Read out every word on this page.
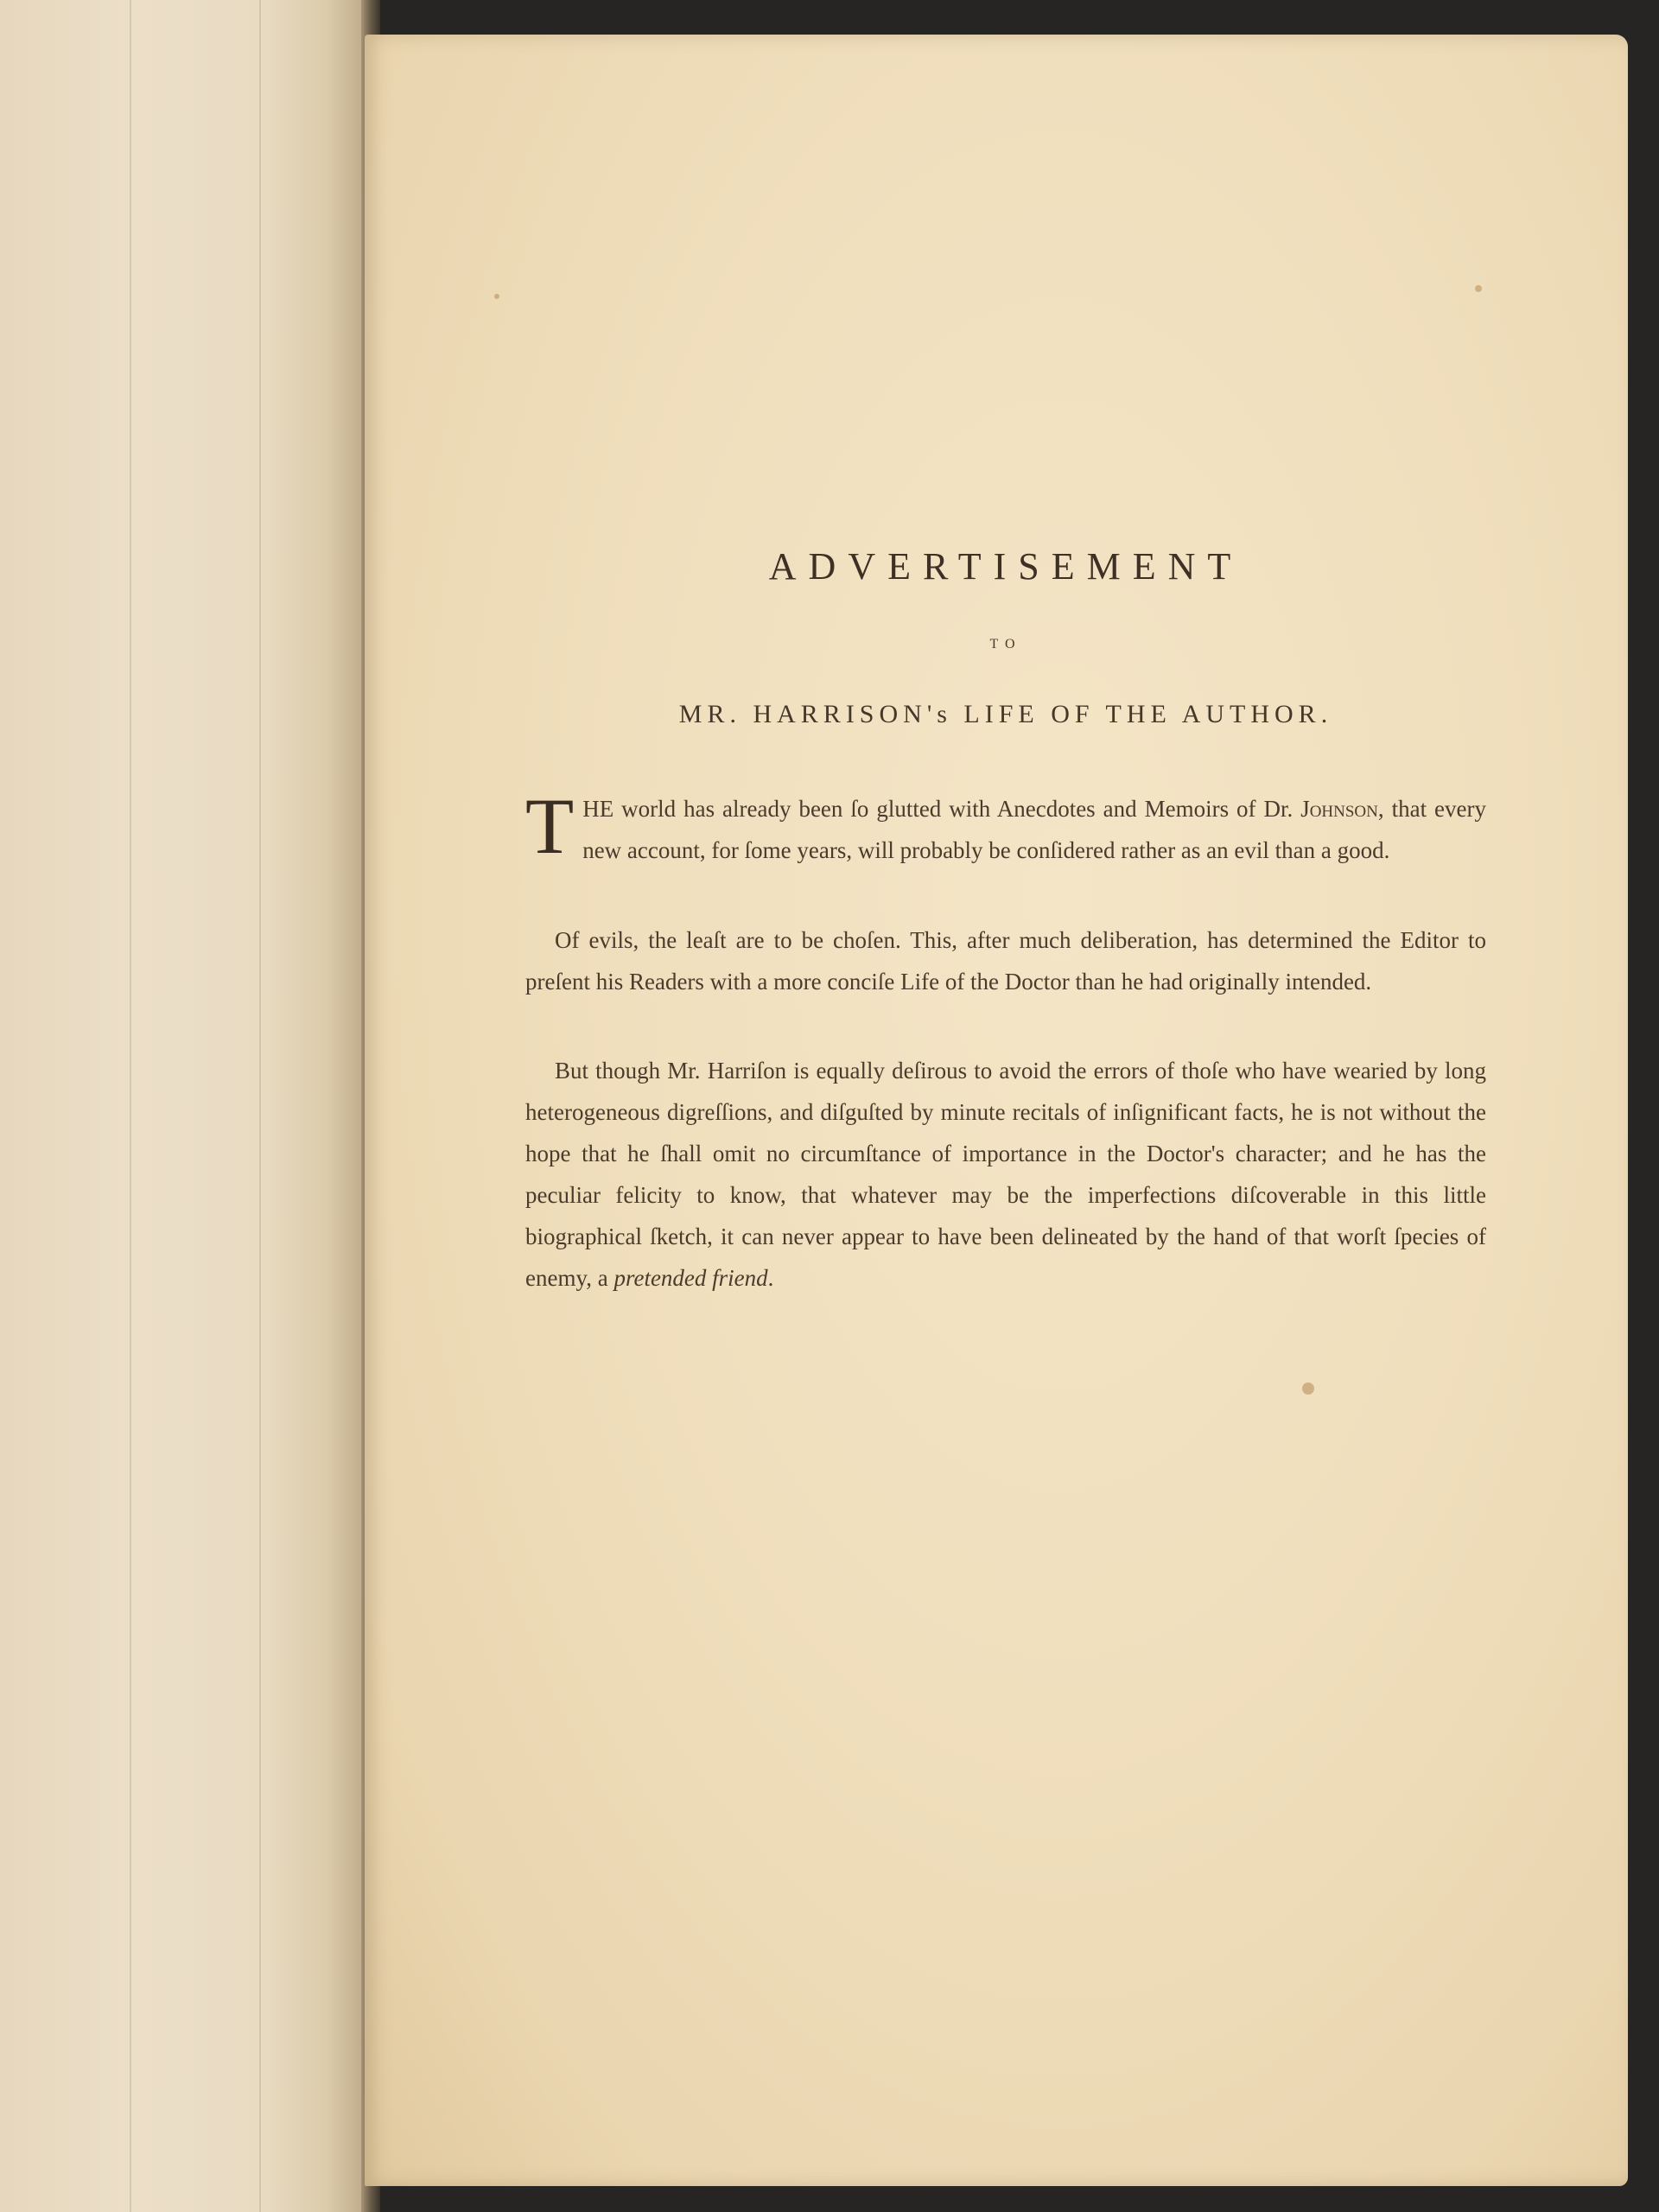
ADVERTISEMENT
TO
MR. HARRISON's LIFE OF THE AUTHOR.
THE world has already been ſo glutted with Anecdotes and Memoirs of Dr. Johnson, that every new account, for ſome years, will probably be conſidered rather as an evil than a good.
Of evils, the leaſt are to be choſen. This, after much deliberation, has determined the Editor to preſent his Readers with a more conciſe Life of the Doctor than he had originally intended.
But though Mr. Harriſon is equally deſirous to avoid the errors of thoſe who have wearied by long heterogeneous digreſſions, and diſguſted by minute recitals of inſignificant facts, he is not without the hope that he ſhall omit no circumſtance of importance in the Doctor's character; and he has the peculiar felicity to know, that whatever may be the imperfections diſcoverable in this little biographical ſketch, it can never appear to have been delineated by the hand of that worſt ſpecies of enemy, a pretended friend.
